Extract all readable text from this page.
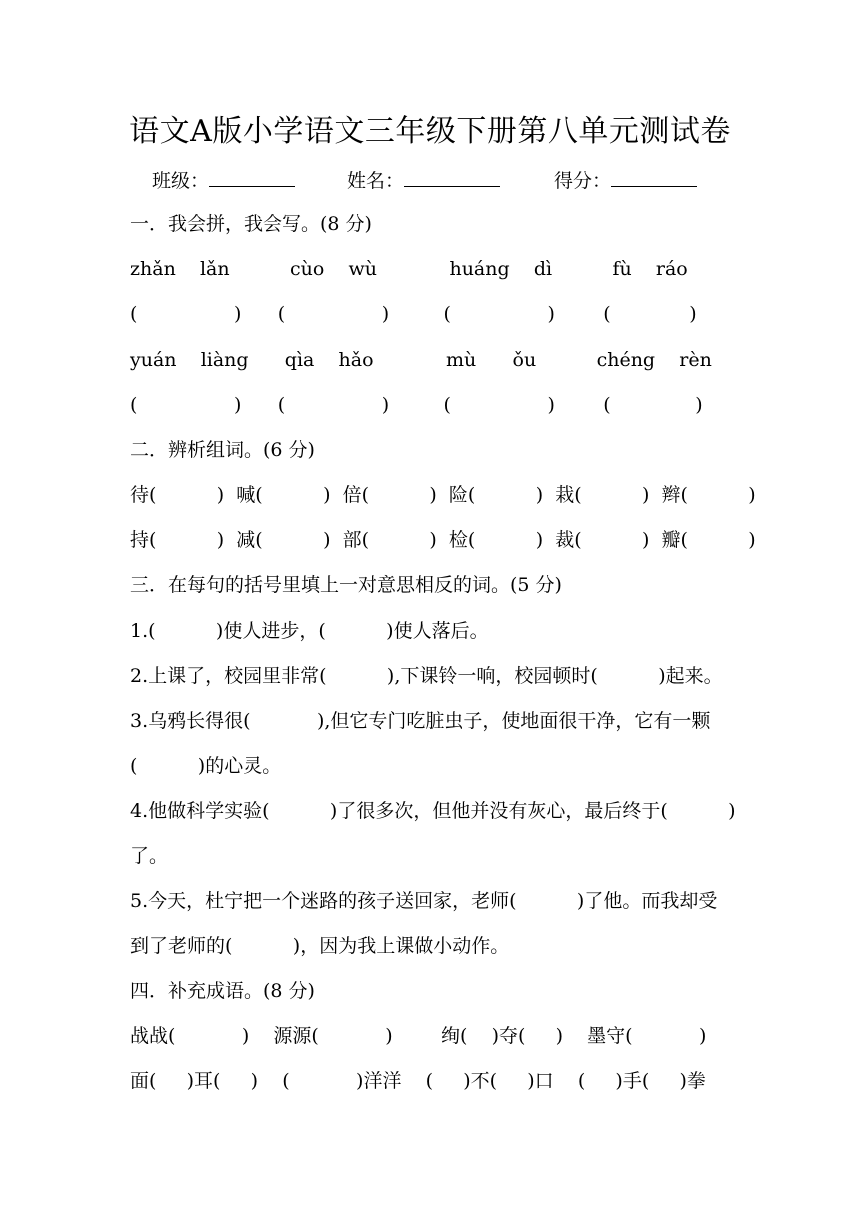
语文A版小学语文三年级下册第八单元测试卷
班级：	姓名：	得分：
一．我会拼，我会写。(8 分)
zhǎn    lǎn          cùo    wù            huáng    dì          fù    ráo
(                )      (                )         (                )        (             )
yuán    liàng      qìa    hǎo            mù      ǒu          chéng    rèn
(                )      (                )         (                )        (              )
二．辨析组词。(6 分)
待(          )  喊(          )  倍(          )  险(          )  栽(          )  辫(          )
持(          )  减(          )  部(          )  检(          )  裁(          )  瓣(          )
三．在每句的括号里填上一对意思相反的词。(5 分)
1.(          )使人进步，(          )使人落后。
2.上课了，校园里非常(          ),下课铃一响，校园顿时(          )起来。
3.乌鸦长得很(           ),但它专门吃脏虫子，使地面很干净，它有一颗
(          )的心灵。
4.他做科学实验(          )了很多次，但他并没有灰心，最后终于(          )
了。
5.今天，杜宁把一个迷路的孩子送回家，老师(          )了他。而我却受
到了老师的(          )，因为我上课做小动作。
四．补充成语。(8 分)
战战(           )    源源(           )        绚(    )夺(     )    墨守(           )
面(     )耳(     )    (           )洋洋    (     )不(     )口    (     )手(     )拳
